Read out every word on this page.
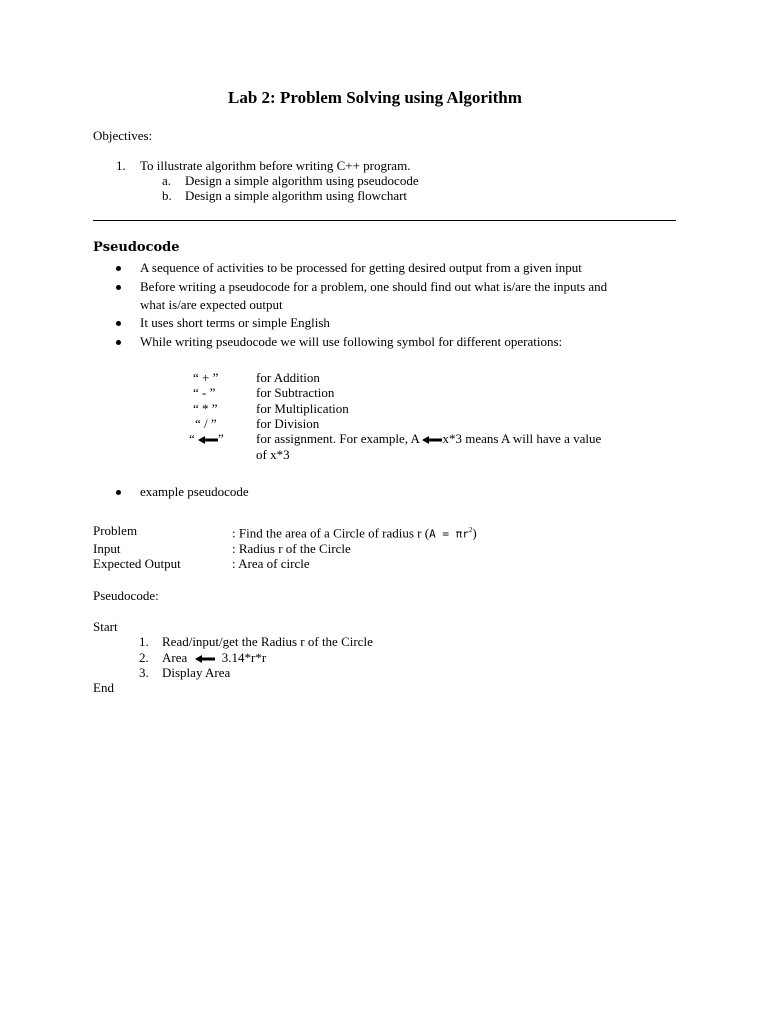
Lab 2: Problem Solving using Algorithm
Objectives:
1. To illustrate algorithm before writing C++ program.
a. Design a simple algorithm using pseudocode
b. Design a simple algorithm using flowchart
Pseudocode
A sequence of activities to be processed for getting desired output from a given input
Before writing a pseudocode for a problem, one should find out what is/are the inputs and
what is/are expected output
It uses short terms or simple English
While writing pseudocode we will use following symbol for different operations:
“ + ”	for Addition
“ - ”	for Subtraction
“ * ”	for Multiplication
“ / ”	for Division
“ ” for assignment. For example, A x*3 means A will have a value
of x*3
example pseudocode
Problem	: Find the area of a Circle of radius r $(A = \pi r^2)$
Input	: Radius r of the Circle
Expected Output	: Area of circle
Pseudocode:
Start
1. Read/input/get the Radius r of the Circle
2. Area	3.14*r*r
3. Display Area
End
